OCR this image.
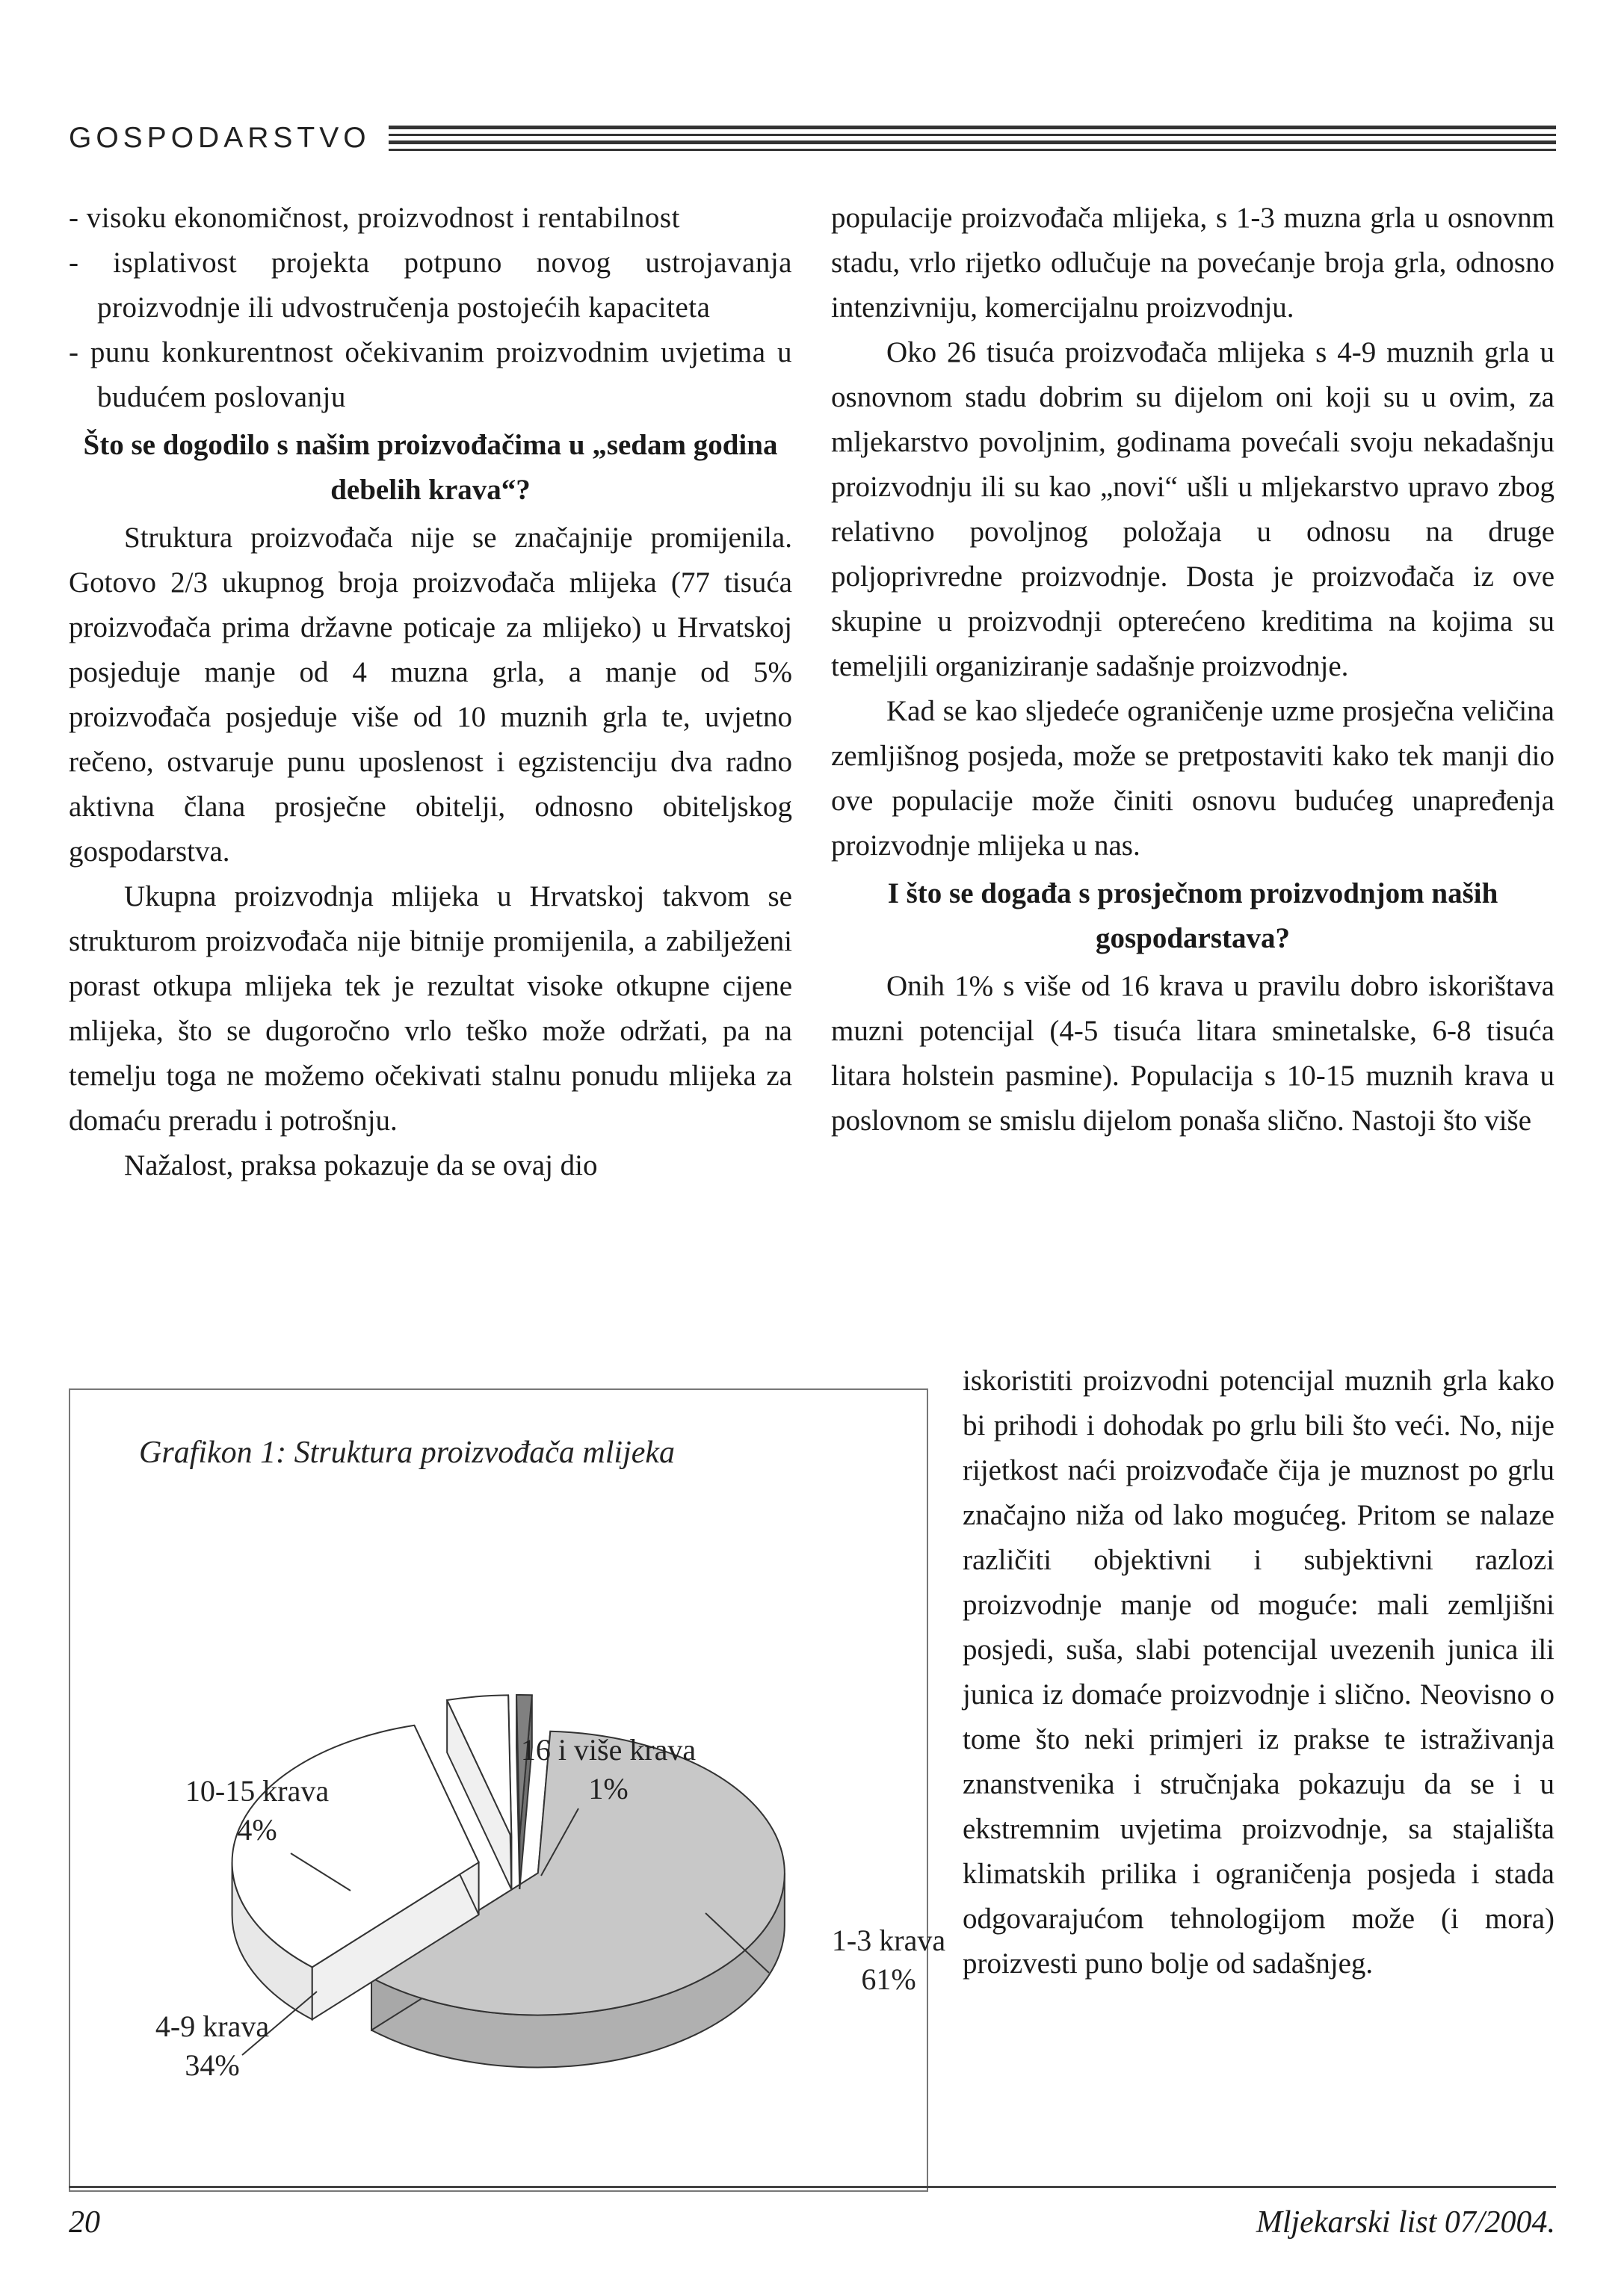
GOSPODARSTVO

- visoku ekonomičnost, proizvodnost i rentabilnost

- isplativost projekta potpuno novog ustrojavanja proizvodnje ili udvostručenja postojećih kapaciteta

- punu konkurentnost očekivanim proizvodnim uvjetima u budućem poslovanju

Što se dogodilo s našim proizvođačima u „sedam godina debelih krava“?

Struktura proizvođača nije se značajnije promijenila. Gotovo 2/3 ukupnog broja proizvođača mlijeka (77 tisuća proizvođača prima državne poticaje za mlijeko) u Hrvatskoj posjeduje manje od 4 muzna grla, a manje od 5% proizvođača posjeduje više od 10 muznih grla te, uvjetno rečeno, ostvaruje punu uposlenost i egzistenciju dva radno aktivna člana prosječne obitelji, odnosno obiteljskog gospodarstva.

Ukupna proizvodnja mlijeka u Hrvatskoj takvom se strukturom proizvođača nije bitnije promijenila, a zabilježeni porast otkupa mlijeka tek je rezultat visoke otkupne cijene mlijeka, što se dugoročno vrlo teško može održati, pa na temelju toga ne možemo očekivati stalnu ponudu mlijeka za domaću preradu i potrošnju.

Nažalost, praksa pokazuje da se ovaj dio

populacije proizvođača mlijeka, s 1-3 muzna grla u osnovnm stadu, vrlo rijetko odlučuje na povećanje broja grla, odnosno intenzivniju, komercijalnu proizvodnju.

Oko 26 tisuća proizvođača mlijeka s 4-9 muznih grla u osnovnom stadu dobrim su dijelom oni koji su u ovim, za mljekarstvo povoljnim, godinama povećali svoju nekadašnju proizvodnju ili su kao „novi“ ušli u mljekarstvo upravo zbog relativno povoljnog položaja u odnosu na druge poljoprivredne proizvodnje. Dosta je proizvođača iz ove skupine u proizvodnji opterećeno kreditima na kojima su temeljili organiziranje sadašnje proizvodnje.

Kad se kao sljedeće ograničenje uzme prosječna veličina zemljišnog posjeda, može se pretpostaviti kako tek manji dio ove populacije može činiti osnovu budućeg unapređenja proizvodnje mlijeka u nas.

I što se događa s prosječnom proizvodnjom naših gospodarstava?

Onih 1% s više od 16 krava u pravilu dobro iskorištava muzni potencijal (4-5 tisuća litara sminetalske, 6-8 tisuća litara holstein pasmine). Populacija s 10-15 muznih krava u poslovnom se smislu dijelom ponaša slično. Nastoji što više

iskoristiti proizvodni potencijal muznih grla kako bi prihodi i dohodak po grlu bili što veći. No, nije rijetkost naći proizvođače čija je muznost po grlu značajno niža od lako mogućeg. Pritom se nalaze različiti objektivni i subjektivni razlozi proizvodnje manje od moguće: mali zemljišni posjedi, suša, slabi potencijal uvezenih junica ili junica iz domaće proizvodnje i slično. Neovisno o tome što neki primjeri iz prakse te istraživanja znanstvenika i stručnjaka pokazuju da se i u ekstremnim uvjetima proizvodnje, sa stajališta klimatskih prilika i ograničenja posjeda i stada odgovarajućom tehnologijom može (i mora) proizvesti puno bolje od sadašnjeg.

Grafikon 1: Struktura proizvođača mlijeka
1-3 krava
61%
4-9 krava
34%
10-15 krava
4%
16 i više krava
1%
20	Mljekarski list 07/2004.
